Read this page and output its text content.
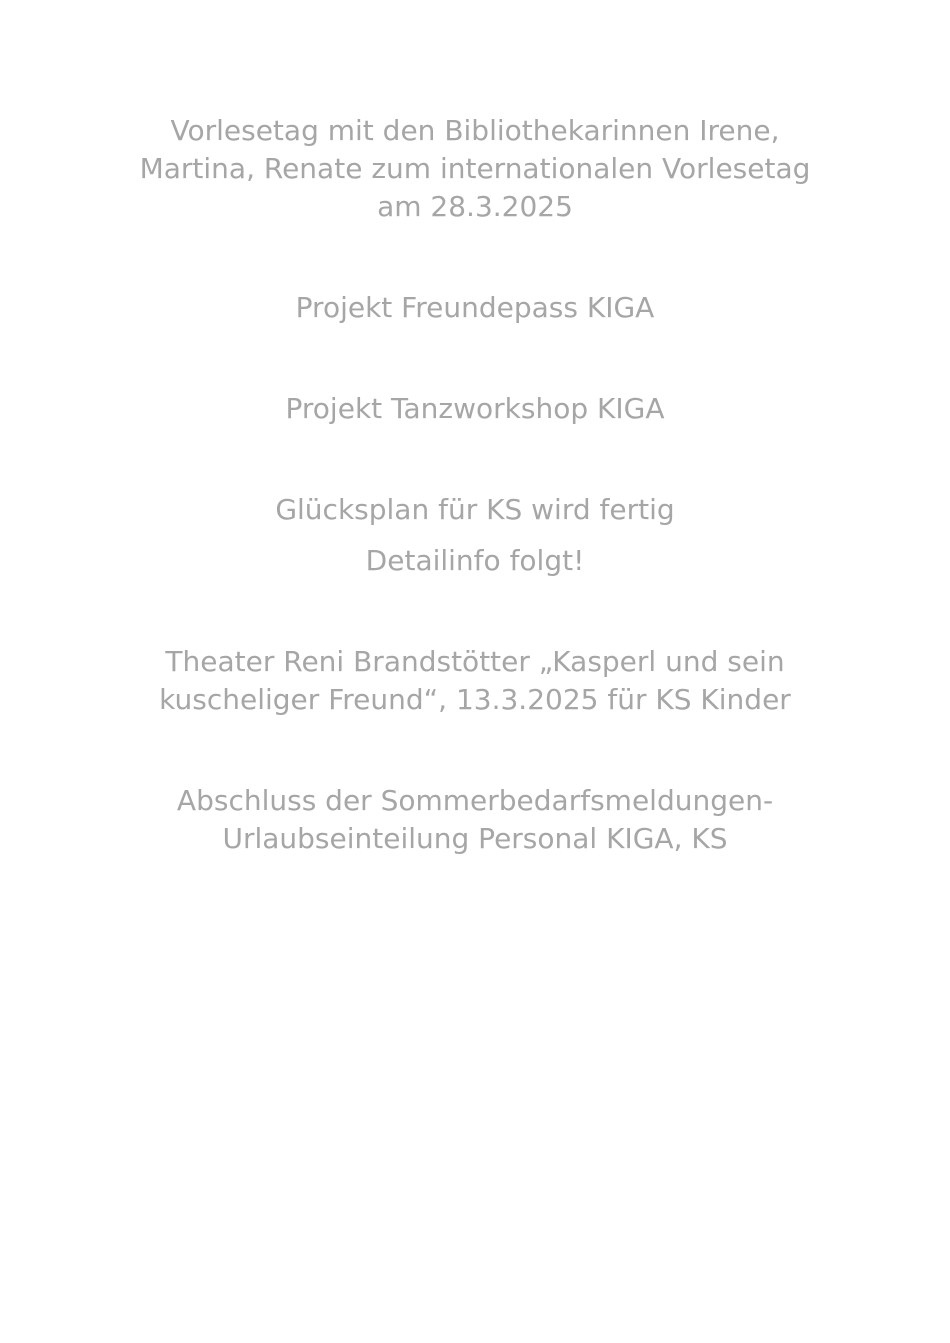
Vorlesetag mit den Bibliothekarinnen Irene,
Martina, Renate zum internationalen Vorlesetag
am 28.3.2025
Projekt Freundepass KIGA
Projekt Tanzworkshop KIGA
Glücksplan für KS wird fertig
Detailinfo folgt!
Theater Reni Brandstötter „Kasperl und sein
kuscheliger Freund“, 13.3.2025 für KS Kinder
Abschluss der Sommerbedarfsmeldungen-
Urlaubseinteilung Personal KIGA, KS
